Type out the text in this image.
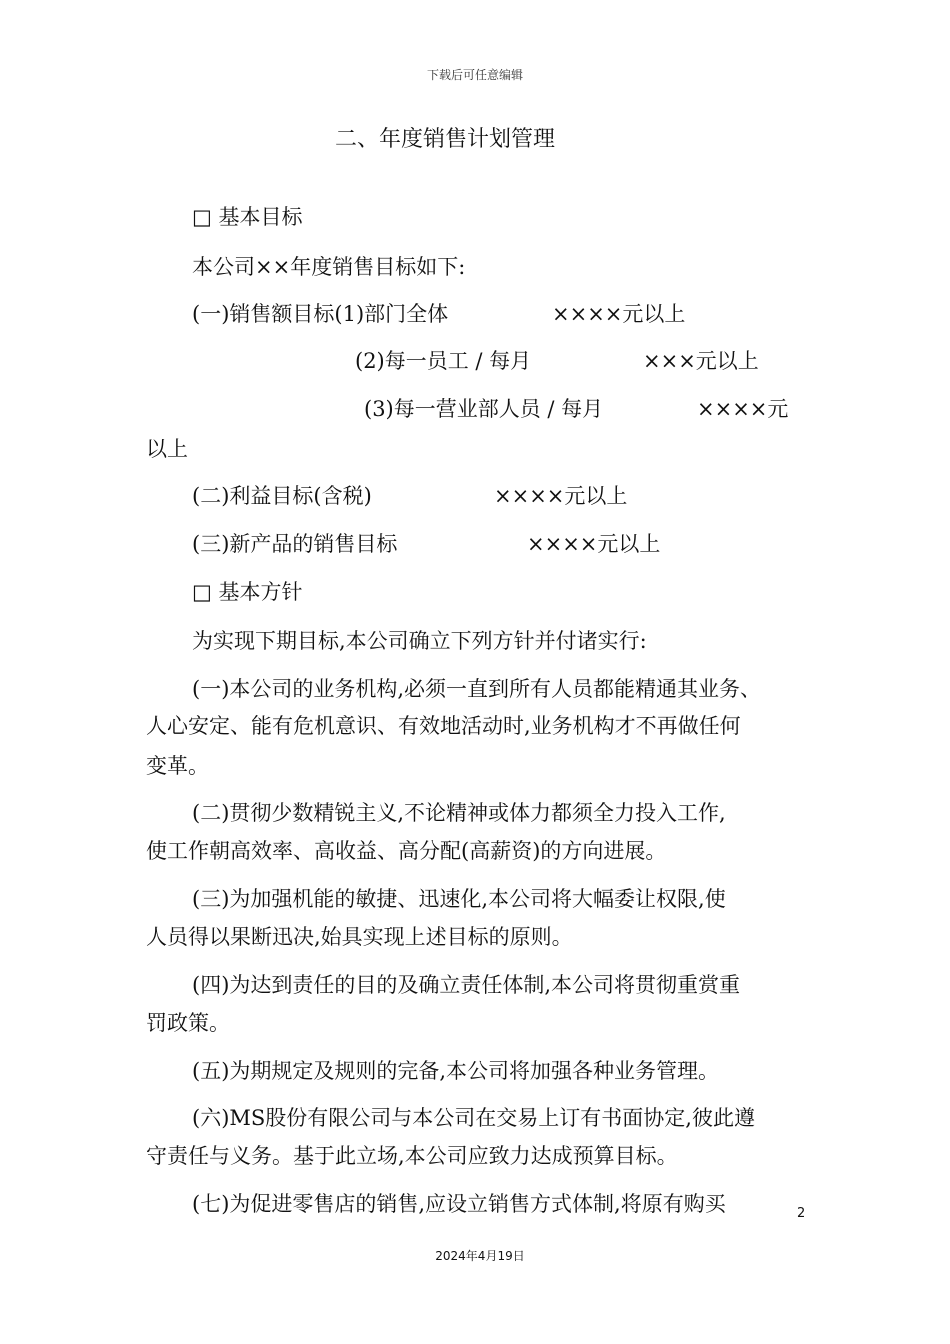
下载后可任意编辑
二、年度销售计划管理
□ 基本目标
本公司××年度销售目标如下:
(一)销售额目标(1)部门全体	××××元以上
(2)每一员工 / 每月	×××元以上
(3)每一营业部人员 / 每月	××××元
以上
(二)利益目标(含税)	××××元以上
(三)新产品的销售目标	××××元以上
□ 基本方针
为实现下期目标,本公司确立下列方针并付诸实行:
(一)本公司的业务机构,必须一直到所有人员都能精通其业务、
人心安定、能有危机意识、有效地活动时,业务机构才不再做任何
变革。
(二)贯彻少数精锐主义,不论精神或体力都须全力投入工作,
使工作朝高效率、高收益、高分配(高薪资)的方向进展。
(三)为加强机能的敏捷、迅速化,本公司将大幅委让权限,使
人员得以果断迅决,始具实现上述目标的原则。
(四)为达到责任的目的及确立责任体制,本公司将贯彻重赏重
罚政策。
(五)为期规定及规则的完备,本公司将加强各种业务管理。
(六)MS股份有限公司与本公司在交易上订有书面协定,彼此遵
守责任与义务。基于此立场,本公司应致力达成预算目标。
(七)为促进零售店的销售,应设立销售方式体制,将原有购买	2
2024年4月19日
